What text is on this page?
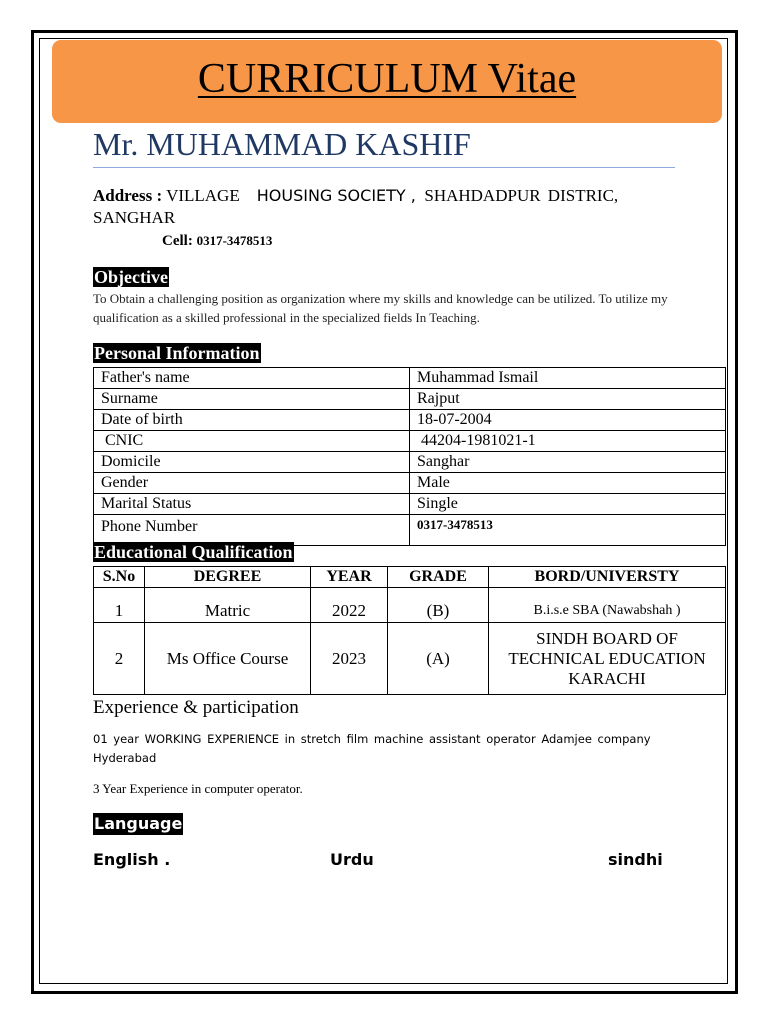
CURRICULUM Vitae
Mr. MUHAMMAD KASHIF
Address : VILLAGE HOUSING SOCIETY , SHAHDADPUR DISTRIC,
SANGHAR
Cell: 0317-3478513
Objective
To Obtain a challenging position as organization where my skills and knowledge can be utilized. To utilize my qualification as a skilled professional in the specialized fields In Teaching.
Personal Information
Father's name	Muhammad Ismail
Surname	Rajput
Date of birth	18-07-2004
CNIC	44204-1981021-1
Domicile	Sanghar
Gender	Male
Marital Status	Single
Phone Number	0317-3478513
Educational Qualification
S.No	DEGREE	YEAR	GRADE	BORD/UNIVERSTY
1	Matric	2022	(B)	B.i.s.e SBA (Nawabshah )
2	Ms Office Course	2023	(A)	SINDH BOARD OF TECHNICAL EDUCATION KARACHI
Experience & participation
01 year WORKING EXPERIENCE in stretch film machine assistant operator Adamjee company Hyderabad
3 Year Experience in computer operator.
Language
English .	Urdu	sindhi
